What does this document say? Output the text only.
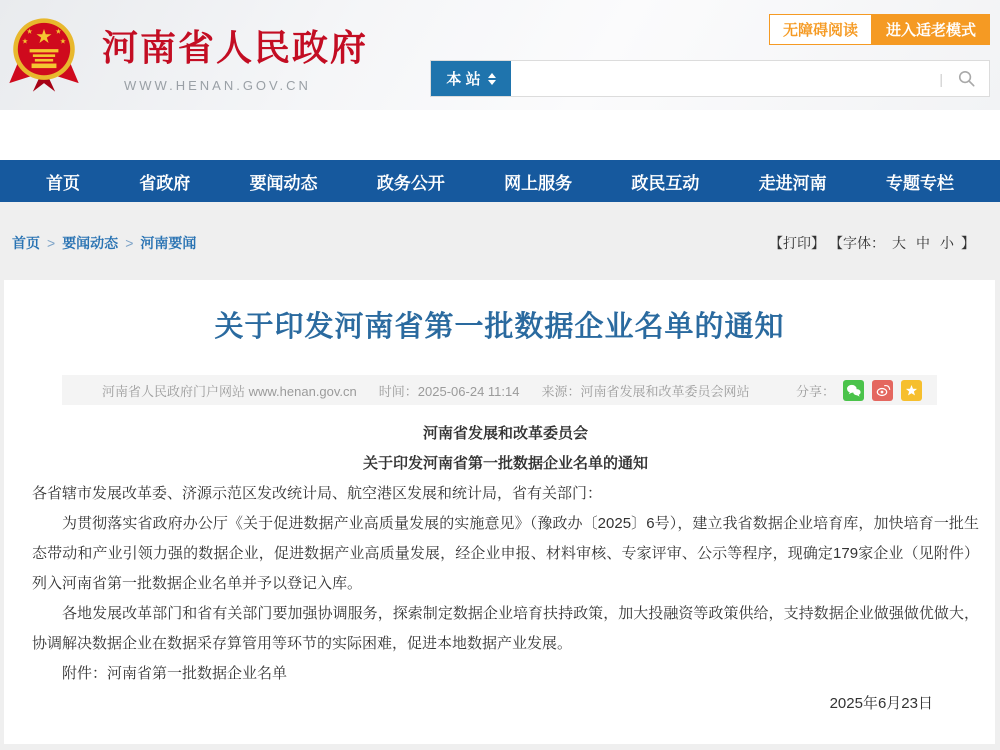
河南省人民政府
WWW.HENAN.GOV.CN
无障碍阅读	进入适老模式
本 站	|
首页	省政府	要闻动态	政务公开	网上服务	政民互动	走进河南	专题专栏
首页 > 要闻动态 > 河南要闻	【打印】 【字体： 大 中 小 】
关于印发河南省第一批数据企业名单的通知
河南省人民政府门户网站 www.henan.gov.cn 时间：2025-06-24 11:14 来源：河南省发展和改革委员会网站	分享：

河南省发展和改革委员会

关于印发河南省第一批数据企业名单的通知

各省辖市发展改革委、济源示范区发改统计局、航空港区发展和统计局，省有关部门：

为贯彻落实省政府办公厅《关于促进数据产业高质量发展的实施意见》（豫政办〔2025〕6号），建立我省数据企业培育库，加快培育一批生态带动和产业引领力强的数据企业，促进数据产业高质量发展，经企业申报、材料审核、专家评审、公示等程序，现确定179家企业（见附件）列入河南省第一批数据企业名单并予以登记入库。

各地发展改革部门和省有关部门要加强协调服务，探索制定数据企业培育扶持政策，加大投融资等政策供给，支持数据企业做强做优做大，协调解决数据企业在数据采存算管用等环节的实际困难，促进本地数据产业发展。

附件：河南省第一批数据企业名单

2025年6月23日
